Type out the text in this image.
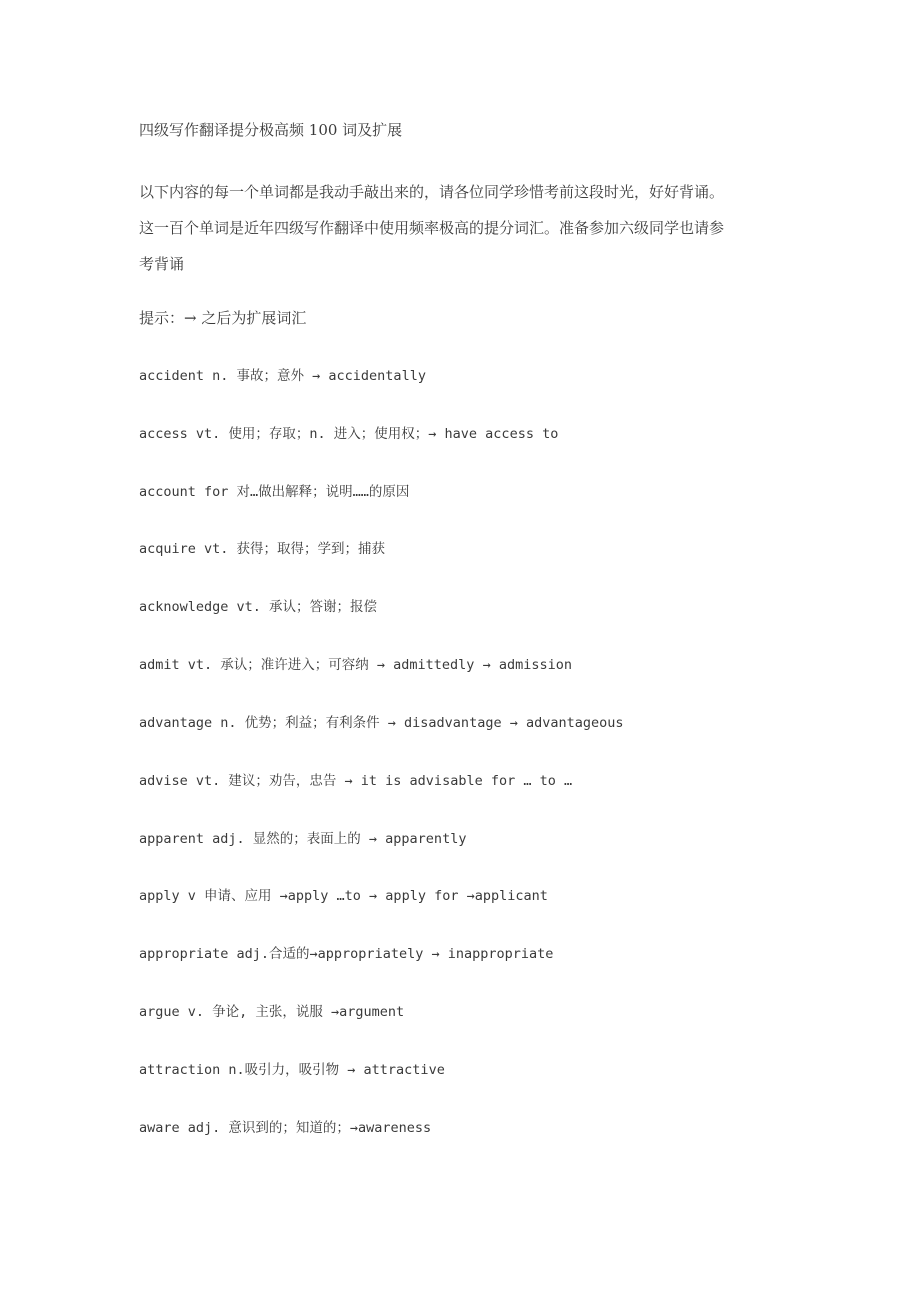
四级写作翻译提分极高频 100 词及扩展

以下内容的每一个单词都是我动手敲出来的，请各位同学珍惜考前这段时光，好好背诵。

这一百个单词是近年四级写作翻译中使用频率极高的提分词汇。准备参加六级同学也请参

考背诵

提示：→ 之后为扩展词汇
accident n. 事故；意外 → accidentally
access vt. 使用；存取；n. 进入；使用权；→ have access to
account for 对…做出解释；说明……的原因
acquire vt. 获得；取得；学到；捕获
acknowledge vt. 承认；答谢；报偿
admit vt. 承认；准许进入；可容纳 → admittedly → admission
advantage n. 优势；利益；有利条件 → disadvantage → advantageous
advise vt. 建议；劝告，忠告 → it is advisable for … to …
apparent adj. 显然的；表面上的 → apparently
apply v 申请、应用 →apply …to → apply for →applicant
appropriate adj.合适的→appropriately → inappropriate
argue v. 争论, 主张，说服 →argument
attraction n.吸引力，吸引物 → attractive
aware adj. 意识到的；知道的；→awareness
